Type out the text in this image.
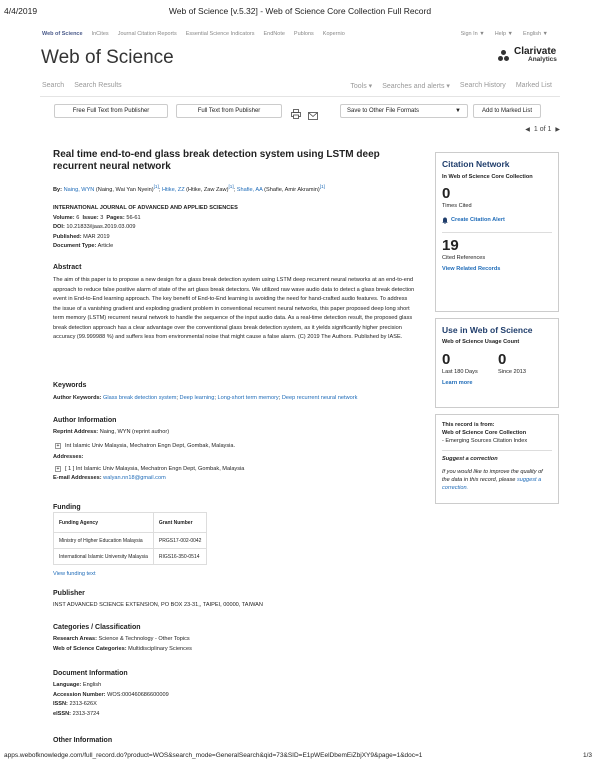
4/4/2019	Web of Science [v.5.32] - Web of Science Core Collection Full Record
Web of Science InCites Journal Citation Reports Essential Science Indicators EndNote Publons Kopernio	Sign In ▼ Help ▼ English ▼
Web of Science	Clarivate
Analytics
Search Search Results	Tools ▾ Searches and alerts ▾ Search History Marked List
Free Full Text from Publisher	Full Text from Publisher	Save to Other File Formats	▼	Add to Marked List
◀ 1 of 1 ▶
Real time end-to-end glass break detection system using LSTM deep recurrent neural network
By: Naing, WYN (Naing, Wai Yan Nyein)[1]; Htike, ZZ (Htike, Zaw Zaw)[1]; Shafie, AA (Shafie, Amir Akramin)[1]
INTERNATIONAL JOURNAL OF ADVANCED AND APPLIED SCIENCES
Volume: 6 Issue: 3 Pages: 56-61
DOI: 10.21833/ijaas.2019.03.009
Published: MAR 2019
Document Type: Article
Abstract
The aim of this paper is to propose a new design for a glass break detection system using LSTM deep recurrent neural networks at an end-to-end approach to reduce false positive alarm of state of the art glass break detectors. We utilized raw wave audio data to detect a glass break detection event in End-to-End learning approach. The key benefit of End-to-End learning is avoiding the need for hand-crafted audio features. To address the issue of a vanishing gradient and exploding gradient problem in conventional recurrent neural networks, this paper proposed deep long short term memory (LSTM) recurrent neural network to handle the sequence of the input audio data. As a real-time detection result, the proposed glass break detection approach has a clear advantage over the conventional glass break detection system, as it yields significantly higher precision accuracy (99.999988 %) and suffers less from environmental noise that might cause a false alarm. (C) 2019 The Authors. Published by IASE.
Keywords
Author Keywords: Glass break detection system; Deep learning; Long-short term memory; Deep recurrent neural network
Author Information
Reprint Address: Naing, WYN (reprint author)
+ Int Islamic Univ Malaysia, Mechatron Engn Dept, Gombak, Malaysia.
Addresses:
+ [ 1 ] Int Islamic Univ Malaysia, Mechatron Engn Dept, Gombak, Malaysia
E-mail Addresses: walyan.nn18@gmail.com
Funding
Funding Agency	Grant Number
Ministry of Higher Education Malaysia	PRGS17-002-0042
International Islamic University Malaysia	RIGS16-350-0514
View funding text
Publisher
INST ADVANCED SCIENCE EXTENSION, PO BOX 23-31,, TAIPEI, 00000, TAIWAN
Categories / Classification
Research Areas: Science & Technology - Other Topics
Web of Science Categories: Multidisciplinary Sciences
Document Information
Language: English
Accession Number: WOS:000460686600009
ISSN: 2313-626X
eISSN: 2313-3724
Other Information
Citation Network
In Web of Science Core Collection
0
Times Cited
Create Citation Alert
19
Cited References
View Related Records
Use in Web of Science
Web of Science Usage Count
0
Last 180 Days
0
Since 2013
Learn more
This record is from:
Web of Science Core Collection
- Emerging Sources Citation Index
Suggest a correction
If you would like to improve the quality of the data in this record, please suggest a correction.
apps.webofknowledge.com/full_record.do?product=WOS&search_mode=GeneralSearch&qid=73&SID=E1pWEelDbemEiZbjXY9&page=1&doc=1	1/3
